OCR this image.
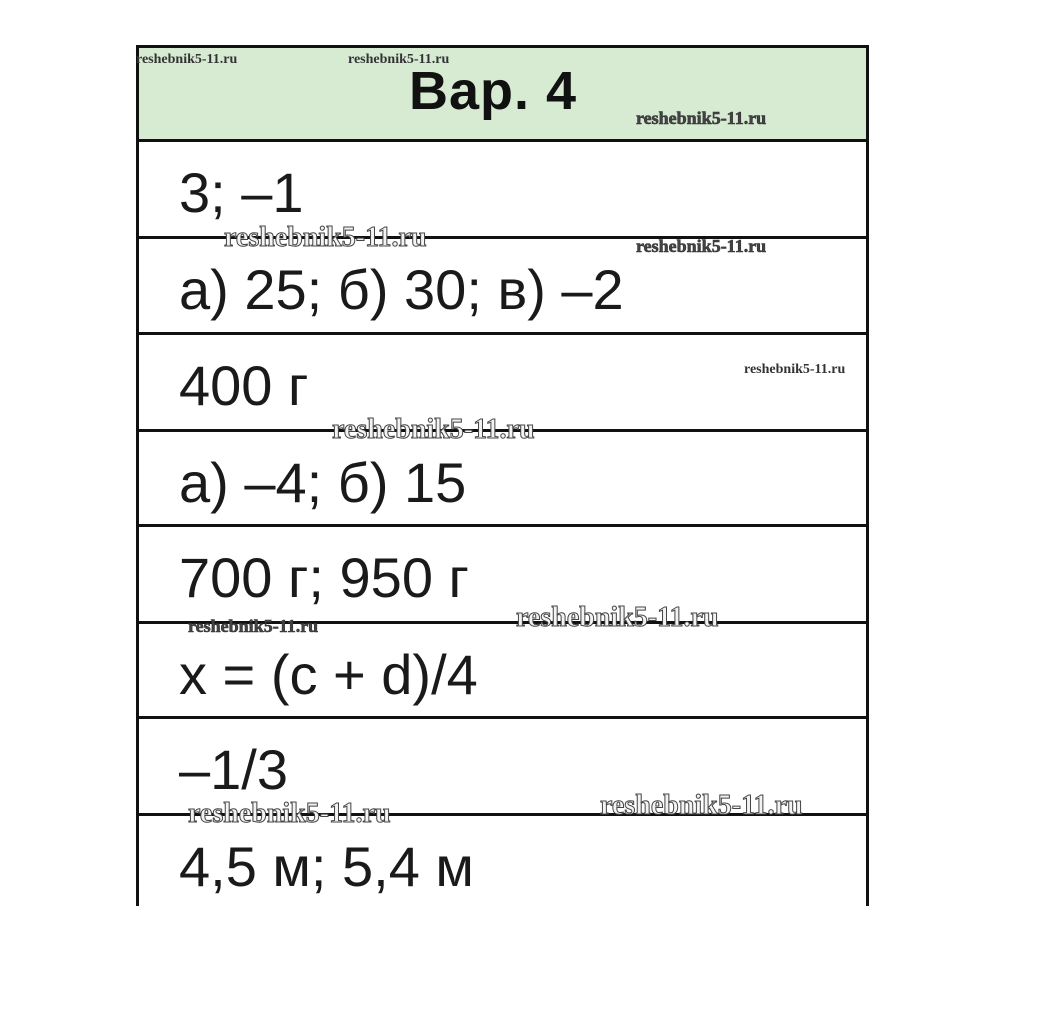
Вар. 4
3; –1
а) 25; б) 30; в) –2
400 г
а) –4; б) 15
700 г; 950 г
x = (c + d)/4
–1/3
4,5 м; 5,4 м
reshebnik5-11.ru	reshebnik5-11.ru
reshebnik5-11.ru
reshebnik5-11.ru	reshebnik5-11.ru
reshebnik5-11.ru
reshebnik5-11.ru
reshebnik5-11.ru
reshebnik5-11.ru
reshebnik5-11.ru
reshebnik5-11.ru
